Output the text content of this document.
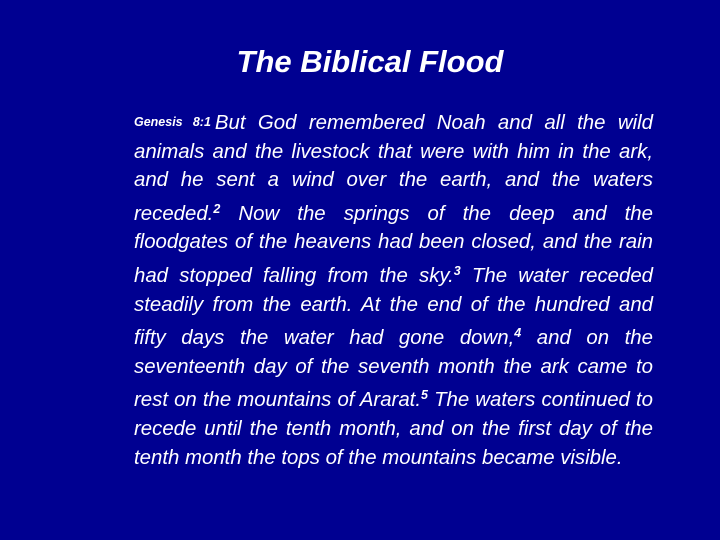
The Biblical Flood

Genesis 8:1 But God remembered Noah and all the wild animals and the livestock that were with him in the ark, and he sent a wind over the earth, and the waters receded.$^2$ Now the springs of the deep and the floodgates of the heavens had been closed, and the rain had stopped falling from the sky.$^3$ The water receded steadily from the earth. At the end of the hundred and fifty days the water had gone down,$^4$ and on the seventeenth day of the seventh month the ark came to rest on the mountains of Ararat.$^5$ The waters continued to recede until the tenth month, and on the first day of the tenth month the tops of the mountains became visible.
